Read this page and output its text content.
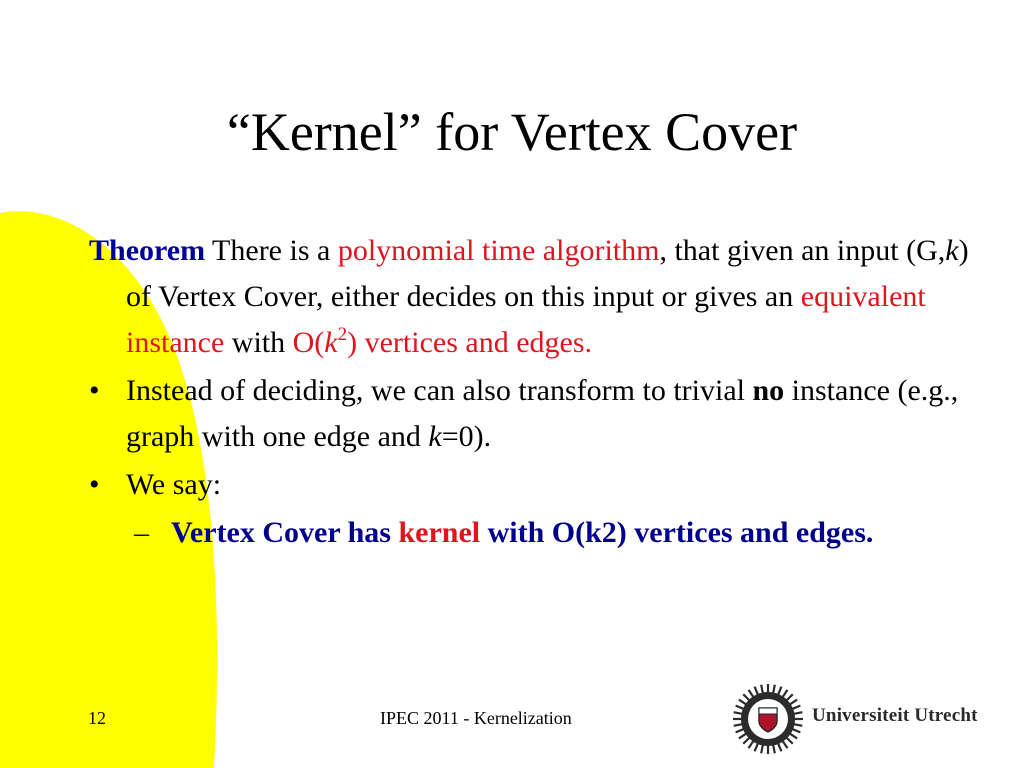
“Kernel” for Vertex Cover
Theorem There is a polynomial time algorithm, that given an input (G,k) of Vertex Cover, either decides on this input or gives an equivalent instance with $O(k^2)$ vertices and edges.
• Instead of deciding, we can also transform to trivial no instance (e.g., graph with one edge and k=0).
• We say:
– Vertex Cover has kernel with O(k2) vertices and edges.
12	IPEC 2011 - Kernelization	Universiteit Utrecht
